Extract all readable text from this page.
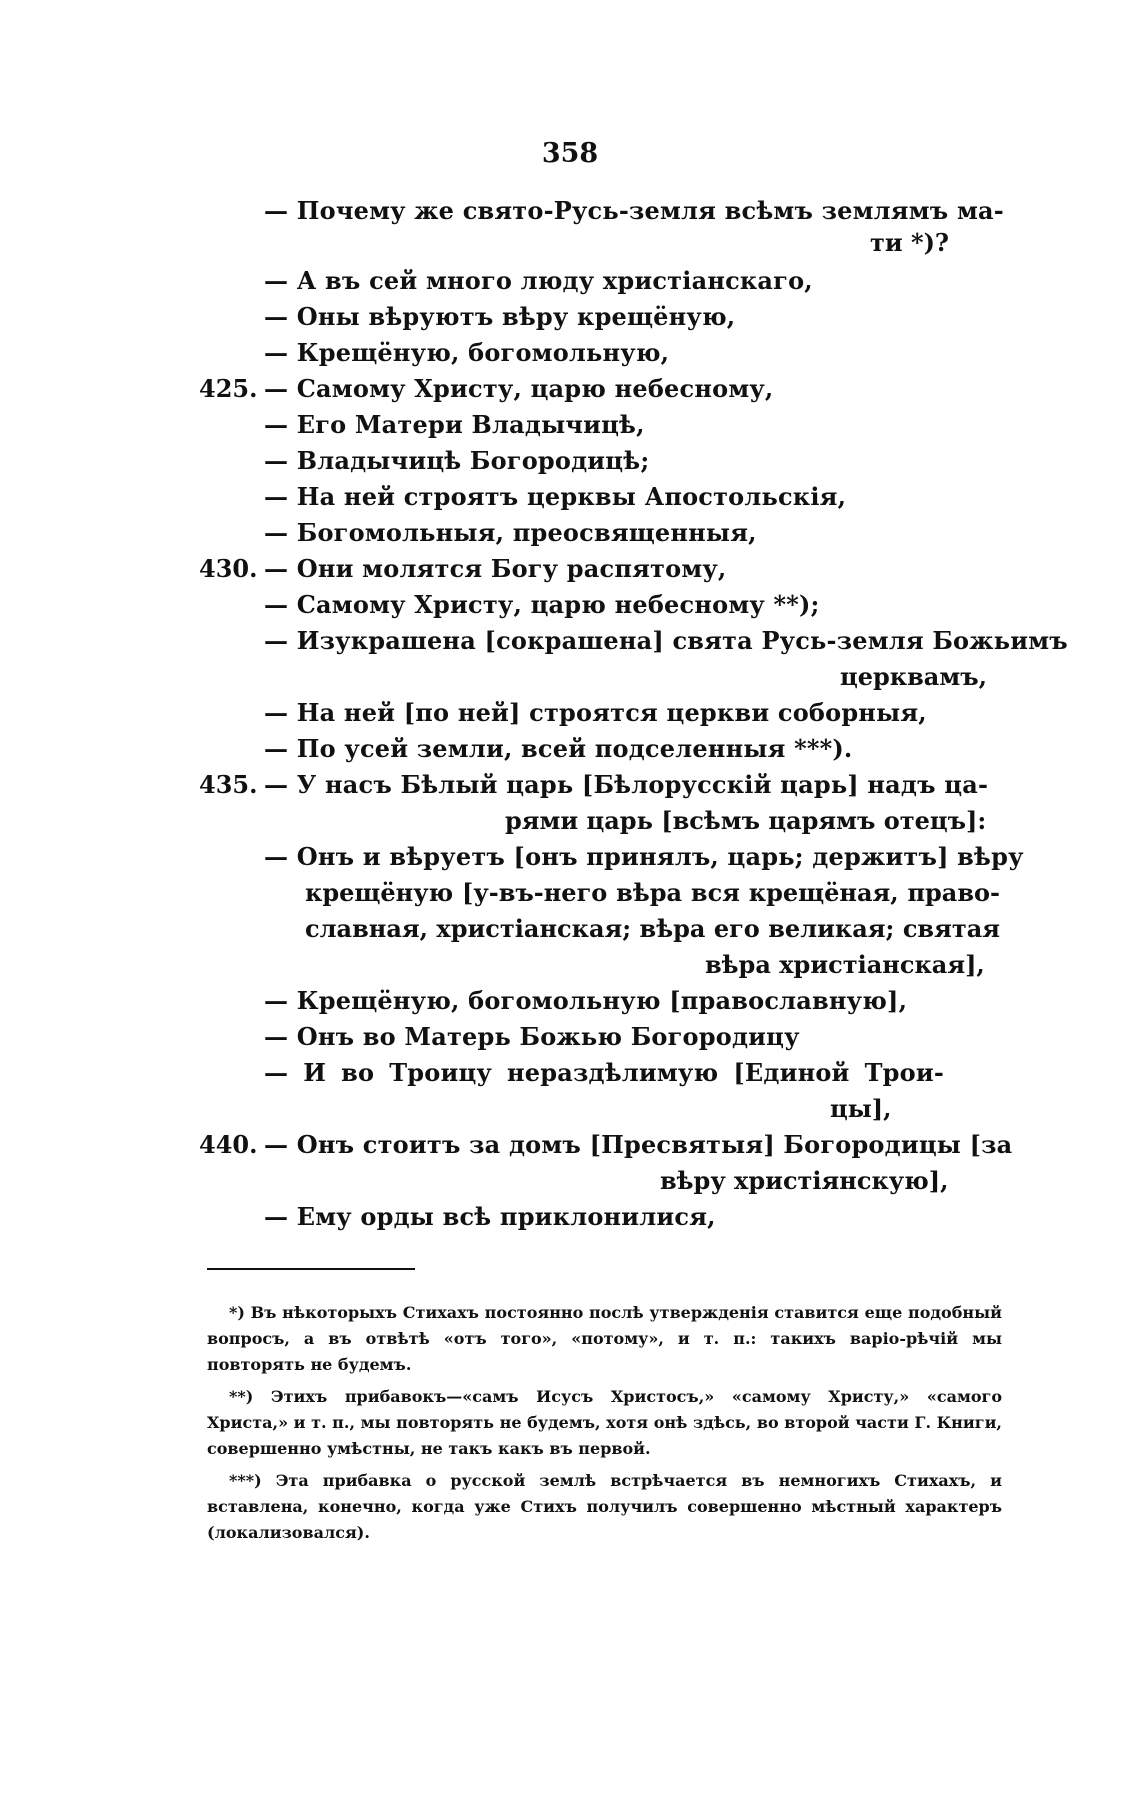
358
— Почему же свято-Русь-земля всѣмъ землямъ ма-
ти *)?
— А въ сей много люду христіанскаго,
— Оны вѣруютъ вѣру крещёную,
— Крещёную, богомольную,
425. — Самому Христу, царю небесному,
— Его Матери Владычицѣ,
— Владычицѣ Богородицѣ;
— На ней строятъ церквы Апостольскія,
— Богомольныя, преосвященныя,
430. — Они молятся Богу распятому,
— Самому Христу, царю небесному **);
— Изукрашена [сокрашена] свята Русь-земля Божьимъ
церквамъ,
— На ней [по ней] строятся церкви соборныя,
— По усей земли, всей подселенныя ***).
435. — У насъ Бѣлый царь [Бѣлорусскій царь] надъ ца-
рями царь [всѣмъ царямъ отецъ]:
— Онъ и вѣруетъ [онъ принялъ, царь; держитъ] вѣру
крещёную [у-въ-него вѣра вся крещёная, право-
славная, христіанская; вѣра его великая; святая
вѣра христіанская],
— Крещёную, богомольную [православную],
— Онъ во Матерь Божью Богородицу
— И во Троицу нераздѣлимую [Единой Трои-
цы],
440. — Онъ стоитъ за домъ [Пресвятыя] Богородицы [за
вѣру христіянскую],
— Ему орды всѣ приклонилися,
*) Въ нѣкоторыхъ Стихахъ постоянно послѣ утвержденія ставится еще подобный вопросъ, а въ отвѣтѣ «отъ того», «потому», и т. п.: такихъ варіо-рѣчій мы повторять не будемъ.
**) Этихъ прибавокъ—«самъ Исусъ Христосъ,» «самому Христу,» «самого Христа,» и т. п., мы повторять не будемъ, хотя онѣ здѣсь, во второй части Г. Книги, совершенно умѣстны, не такъ какъ въ первой.
***) Эта прибавка о русской землѣ встрѣчается въ немногихъ Стихахъ, и вставлена, конечно, когда уже Стихъ получилъ совершенно мѣстный характеръ (локализовался).
